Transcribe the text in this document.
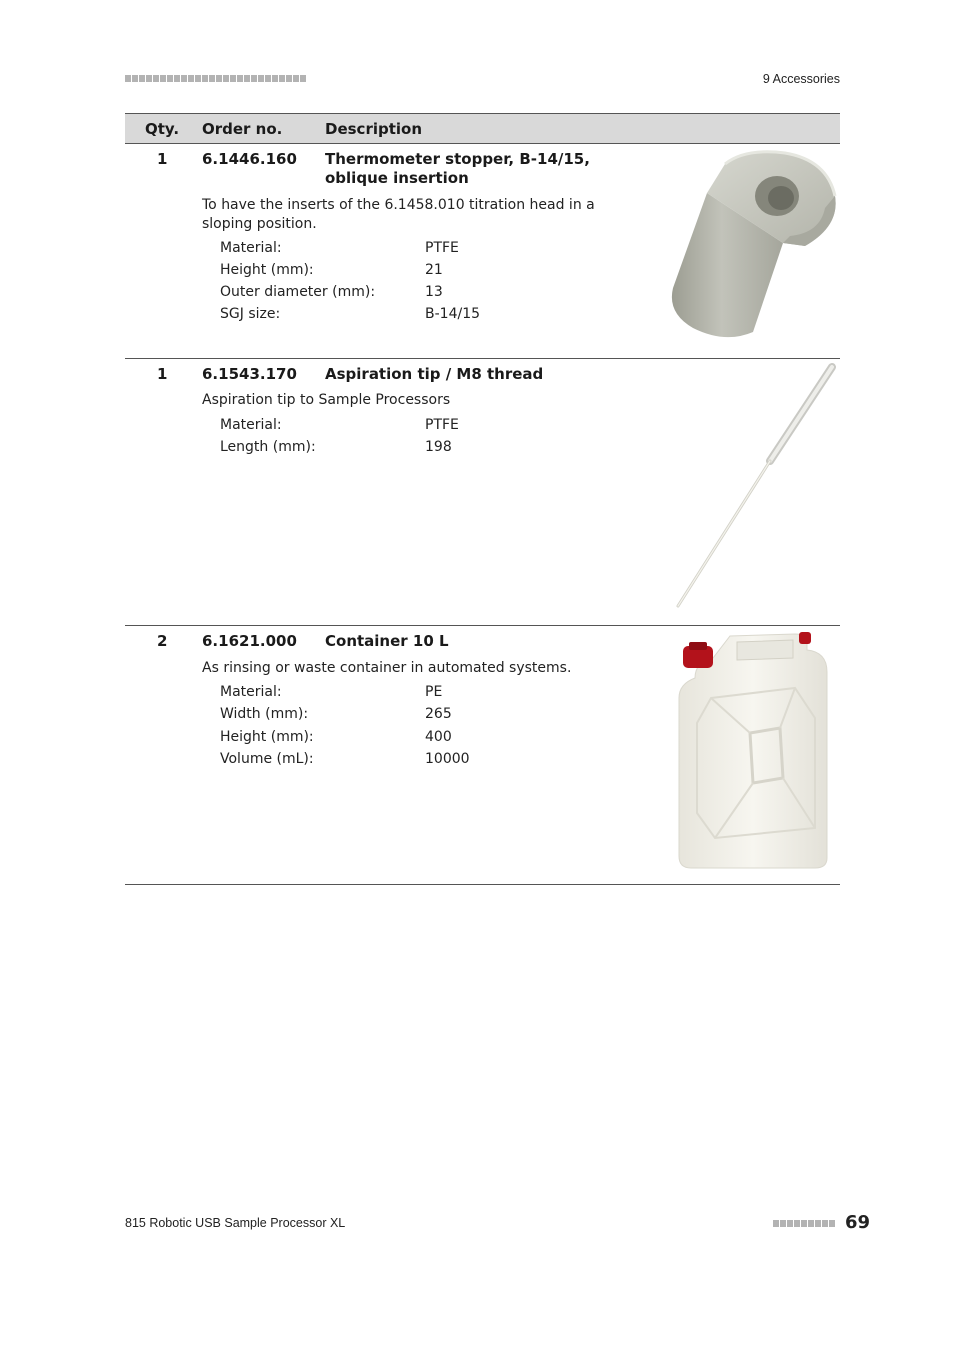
9 Accessories
Qty. Order no.	Description
1 6.1446.160 Thermometer stopper, B-14/15, oblique insertion
To have the inserts of the 6.1458.010 titration head in a sloping position.
Material:	PTFE
Height (mm):	21
Outer diameter (mm):	13
SGJ size:	B-14/15
1 6.1543.170 Aspiration tip / M8 thread
Aspiration tip to Sample Processors
Material:	PTFE
Length (mm):	198
2 6.1621.000 Container 10 L
As rinsing or waste container in automated systems.
Material:	PE
Width (mm):	265
Height (mm):	400
Volume (mL):	10000
815 Robotic USB Sample Processor XL	69
